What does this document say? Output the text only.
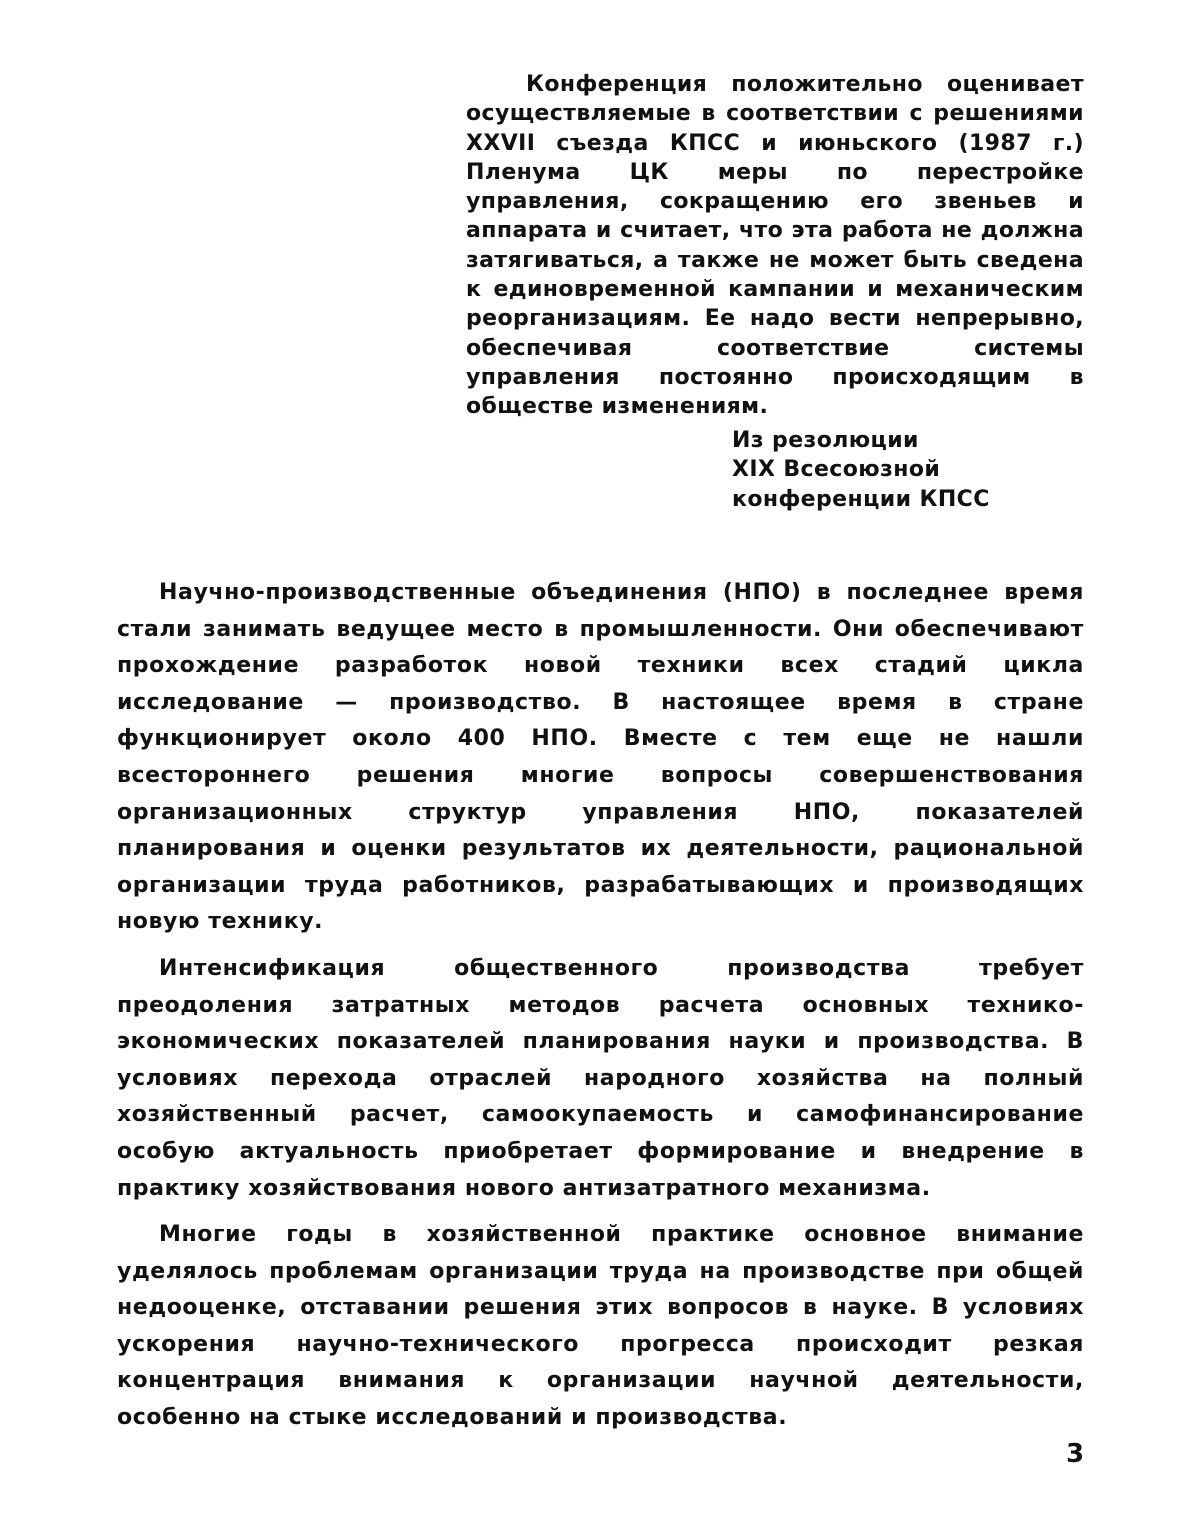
Конференция положительно оценивает осуществляемые в соответствии с решениями XXVII съезда КПСС и июньского (1987 г.) Пленума ЦК меры по перестройке управления, сокращению его звеньев и аппарата и считает, что эта работа не должна затягиваться, а также не может быть сведена к единовременной кампании и механическим реорганизациям. Ее надо вести непрерывно, обеспечивая соответствие системы управления постоянно происходящим в обществе изменениям.

Из резолюции
XIX Всесоюзной конференции КПСС

Научно-производственные объединения (НПО) в последнее время стали занимать ведущее место в промышленности. Они обеспечивают прохождение разработок новой техники всех стадий цикла исследование — производство. В настоящее время в стране функционирует около 400 НПО. Вместе с тем еще не нашли всестороннего решения многие вопросы совершенствования организационных структур управления НПО, показателей планирования и оценки результатов их деятельности, рациональной организации труда работников, разрабатывающих и производящих новую технику.

Интенсификация общественного производства требует преодоления затратных методов расчета основных технико-экономических показателей планирования науки и производства. В условиях перехода отраслей народного хозяйства на полный хозяйственный расчет, самоокупаемость и самофинансирование особую актуальность приобретает формирование и внедрение в практику хозяйствования нового антизатратного механизма.

Многие годы в хозяйственной практике основное внимание уделялось проблемам организации труда на производстве при общей недооценке, отставании решения этих вопросов в науке. В условиях ускорения научно-технического прогресса происходит резкая концентрация внимания к организации научной деятельности, особенно на стыке исследований и производства.

3
